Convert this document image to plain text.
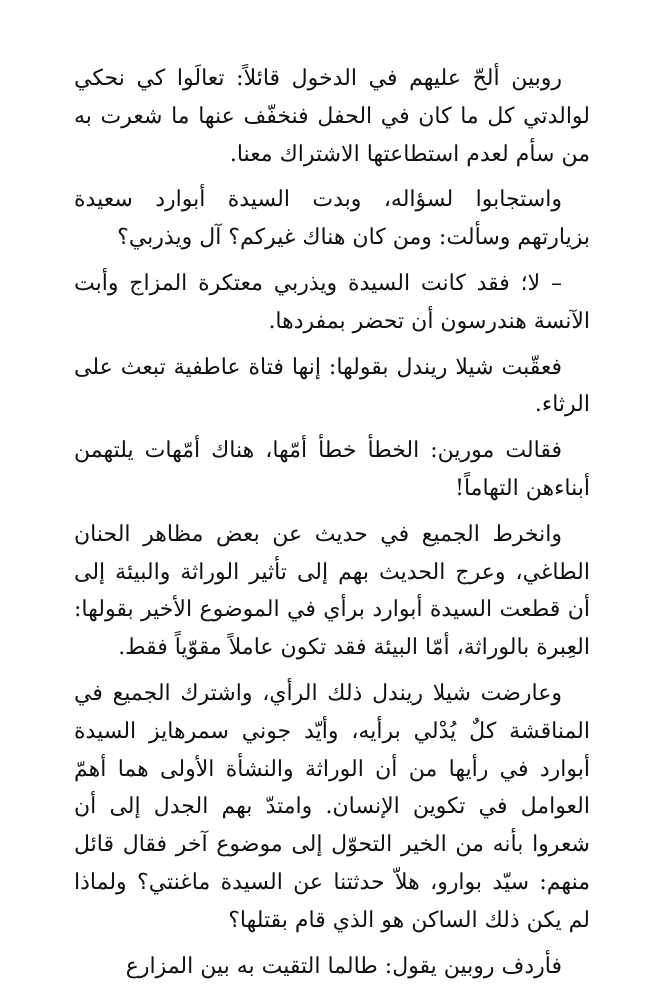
روبين ألحّ عليهم في الدخول قائلاً: تعالَوا كي نحكي لوالدتي كل ما كان في الحفل فنخفّف عنها ما شعرت به من سأم لعدم استطاعتها الاشتراك معنا.

واستجابوا لسؤاله، وبدت السيدة أبوارد سعيدة بزيارتهم وسألت: ومن كان هناك غيركم؟ آل ويذربي؟

– لا؛ فقد كانت السيدة ويذربي معتكرة المزاج وأبت الآنسة هندرسون أن تحضر بمفردها.

فعقّبت شيلا ريندل بقولها: إنها فتاة عاطفية تبعث على الرثاء.

فقالت مورين: الخطأ خطأ أمّها، هناك أمّهات يلتهمن أبناءهن التهاماً!

وانخرط الجميع في حديث عن بعض مظاهر الحنان الطاغي، وعرج الحديث بهم إلى تأثير الوراثة والبيئة إلى أن قطعت السيدة أبوارد برأي في الموضوع الأخير بقولها: العِبرة بالوراثة، أمّا البيئة فقد تكون عاملاً مقوّياً فقط.

وعارضت شيلا ريندل ذلك الرأي، واشترك الجميع في المناقشة كلٌ يُدْلي برأيه، وأيّد جوني سمرهايز السيدة أبوارد في رأيها من أن الوراثة والنشأة الأولى هما أهمّ العوامل في تكوين الإنسان. وامتدّ بهم الجدل إلى أن شعروا بأنه من الخير التحوّل إلى موضوع آخر فقال قائل منهم: سيّد بوارو، هلاّ حدثتنا عن السيدة ماغنتي؟ ولماذا لم يكن ذلك الساكن هو الذي قام بقتلها؟

فأردف روبين يقول: طالما التقيت به بين المزارع
